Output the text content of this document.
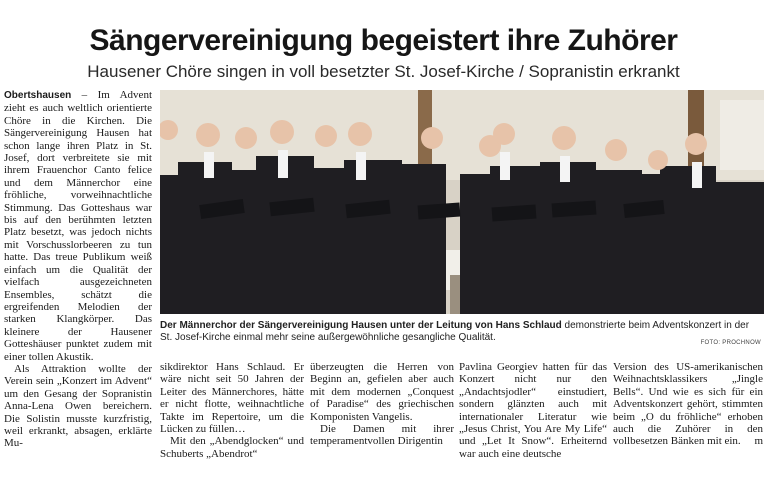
Sängervereinigung begeistert ihre Zuhörer
Hausener Chöre singen in voll besetzter St. Josef-Kirche / Sopranistin erkrankt

Obertshausen – Im Advent zieht es auch weltlich orientierte Chöre in die Kirchen. Die Sängervereinigung Hausen hat schon lange ihren Platz in St. Josef, dort verbreitete sie mit ihrem Frauenchor Canto felice und dem Männerchor eine fröhliche, vorweihnachtliche Stimmung. Das Gotteshaus war bis auf den berühmten letzten Platz besetzt, was jedoch nichts mit Vorschusslorbeeren zu tun hatte. Das treue Publikum weiß einfach um die Qualität der vielfach ausgezeichneten Ensembles, schätzt die ergreifenden Melodien der starken Klangkörper. Das kleinere der Hausener Gotteshäuser punktet zudem mit einer tollen Akustik.

Als Attraktion wollte der Verein sein „Konzert im Advent“ um den Gesang der Sopranistin Anna-Lena Owen bereichern. Die Solistin musste kurzfristig, weil erkrankt, absagen, erklärte Mu-

Der Männerchor der Sängervereinigung Hausen unter der Leitung von Hans Schlaud demonstrierte beim Adventskonzert in der St. Josef-Kirche einmal mehr seine außergewöhnliche gesangliche Qualität.	FOTO: PROCHNOW

sikdirektor Hans Schlaud. Er wäre nicht seit 50 Jahren der Leiter des Männerchores, hätte er nicht flotte, weihnachtliche Takte im Repertoire, um die Lücken zu füllen…

Mit den „Abendglocken“ und Schuberts „Abendrot“

überzeugten die Herren von Beginn an, gefielen aber auch mit dem modernen „Conquest of Paradise“ des griechischen Komponisten Vangelis.

Die Damen mit ihrer temperamentvollen Dirigentin

Pavlina Georgiev hatten für das Konzert nicht nur den „Andachtsjodler“ einstudiert, sondern glänzten auch mit internationaler Literatur wie „Jesus Christ, You Are My Life“ und „Let It Snow“. Erheiternd war auch eine deutsche

Version des US-amerikanischen Weihnachtsklassikers „Jingle Bells“. Und wie es sich für ein Adventskonzert gehört, stimmten beim „O du fröhliche“ erhoben auch die Zuhörer in den vollbesetzen Bänken mit ein. m
